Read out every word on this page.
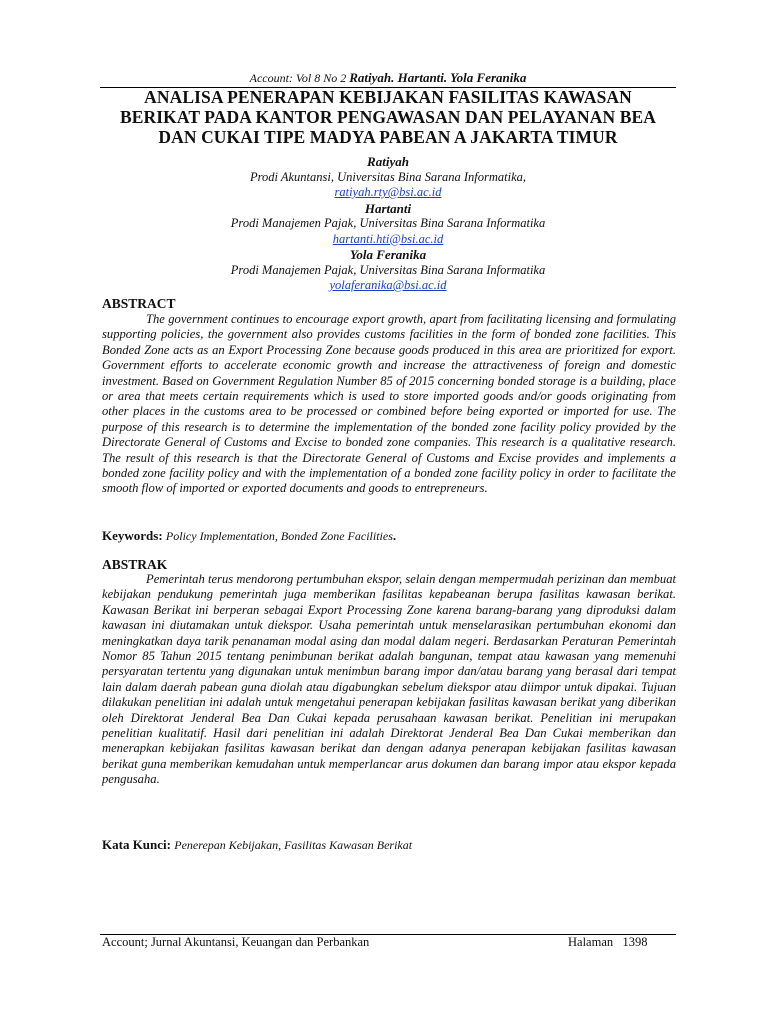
Account: Vol 8 No 2 Ratiyah. Hartanti. Yola Feranika
ANALISA PENERAPAN KEBIJAKAN FASILITAS KAWASAN
BERIKAT PADA KANTOR PENGAWASAN DAN PELAYANAN BEA
DAN CUKAI TIPE MADYA PABEAN A JAKARTA TIMUR
Ratiyah
Prodi Akuntansi, Universitas Bina Sarana Informatika,
ratiyah.rty@bsi.ac.id
Hartanti
Prodi Manajemen Pajak, Universitas Bina Sarana Informatika
hartanti.hti@bsi.ac.id
Yola Feranika
Prodi Manajemen Pajak, Universitas Bina Sarana Informatika
yolaferanika@bsi.ac.id
ABSTRACT
The government continues to encourage export growth, apart from facilitating licensing and formulating supporting policies, the government also provides customs facilities in the form of bonded zone facilities. This Bonded Zone acts as an Export Processing Zone because goods produced in this area are prioritized for export. Government efforts to accelerate economic growth and increase the attractiveness of foreign and domestic investment. Based on Government Regulation Number 85 of 2015 concerning bonded storage is a building, place or area that meets certain requirements which is used to store imported goods and/or goods originating from other places in the customs area to be processed or combined before being exported or imported for use. The purpose of this research is to determine the implementation of the bonded zone facility policy provided by the Directorate General of Customs and Excise to bonded zone companies. This research is a qualitative research. The result of this research is that the Directorate General of Customs and Excise provides and implements a bonded zone facility policy and with the implementation of a bonded zone facility policy in order to facilitate the smooth flow of imported or exported documents and goods to entrepreneurs.
Keywords: Policy Implementation, Bonded Zone Facilities.
ABSTRAK
Pemerintah terus mendorong pertumbuhan ekspor, selain dengan mempermudah perizinan dan membuat kebijakan pendukung pemerintah juga memberikan fasilitas kepabeanan berupa fasilitas kawasan berikat. Kawasan Berikat ini berperan sebagai Export Processing Zone karena barang-barang yang diproduksi dalam kawasan ini diutamakan untuk diekspor. Usaha pemerintah untuk menselarasikan pertumbuhan ekonomi dan meningkatkan daya tarik penanaman modal asing dan modal dalam negeri. Berdasarkan Peraturan Pemerintah Nomor 85 Tahun 2015 tentang penimbunan berikat adalah bangunan, tempat atau kawasan yang memenuhi persyaratan tertentu yang digunakan untuk menimbun barang impor dan/atau barang yang berasal dari tempat lain dalam daerah pabean guna diolah atau digabungkan sebelum diekspor atau diimpor untuk dipakai. Tujuan dilakukan penelitian ini adalah untuk mengetahui penerapan kebijakan fasilitas kawasan berikat yang diberikan oleh Direktorat Jenderal Bea Dan Cukai kepada perusahaan kawasan berikat. Penelitian ini merupakan penelitian kualitatif. Hasil dari penelitian ini adalah Direktorat Jenderal Bea Dan Cukai memberikan dan menerapkan kebijakan fasilitas kawasan berikat dan dengan adanya penerapan kebijakan fasilitas kawasan berikat guna memberikan kemudahan untuk memperlancar arus dokumen dan barang impor atau ekspor kepada pengusaha.
Kata Kunci: Penerepan Kebijakan, Fasilitas Kawasan Berikat
Account; Jurnal Akuntansi, Keuangan dan Perbankan	Halaman 1398
